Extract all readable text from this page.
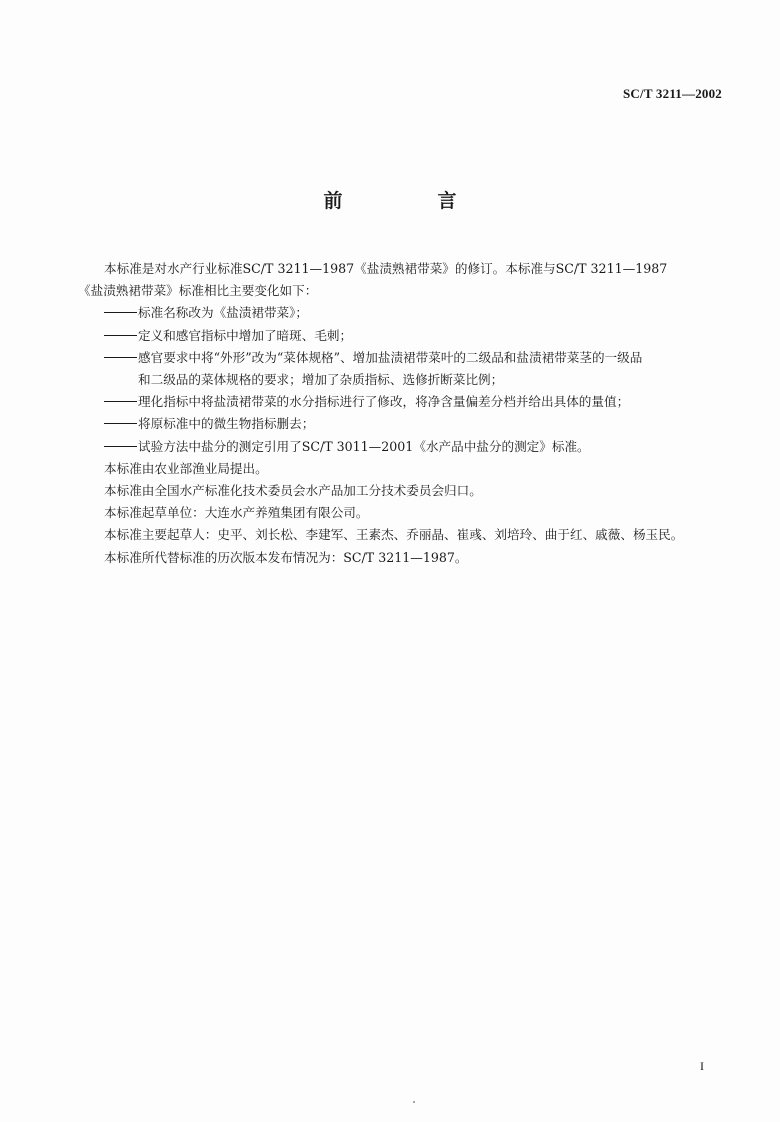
SC/T 3211—2002
前　言

本标准是对水产行业标准SC/T 3211—1987《盐渍熟裙带菜》的修订。本标准与SC/T 3211—1987

《盐渍熟裙带菜》标准相比主要变化如下：

标准名称改为《盐渍裙带菜》；

定义和感官指标中增加了暗斑、毛刺；

感官要求中将“外形”改为“菜体规格”、增加盐渍裙带菜叶的二级品和盐渍裙带菜茎的一级品

和二级品的菜体规格的要求；增加了杂质指标、选修折断菜比例；

理化指标中将盐渍裙带菜的水分指标进行了修改，将净含量偏差分档并给出具体的量值；

将原标准中的微生物指标删去；

试验方法中盐分的测定引用了SC/T 3011—2001《水产品中盐分的测定》标准。

本标准由农业部渔业局提出。

本标准由全国水产标准化技术委员会水产品加工分技术委员会归口。

本标准起草单位：大连水产养殖集团有限公司。

本标准主要起草人：史平、刘长松、李建军、王素杰、乔丽晶、崔彧、刘培玲、曲于红、戚薇、杨玉民。

本标准所代替标准的历次版本发布情况为：SC/T 3211—1987。

I
